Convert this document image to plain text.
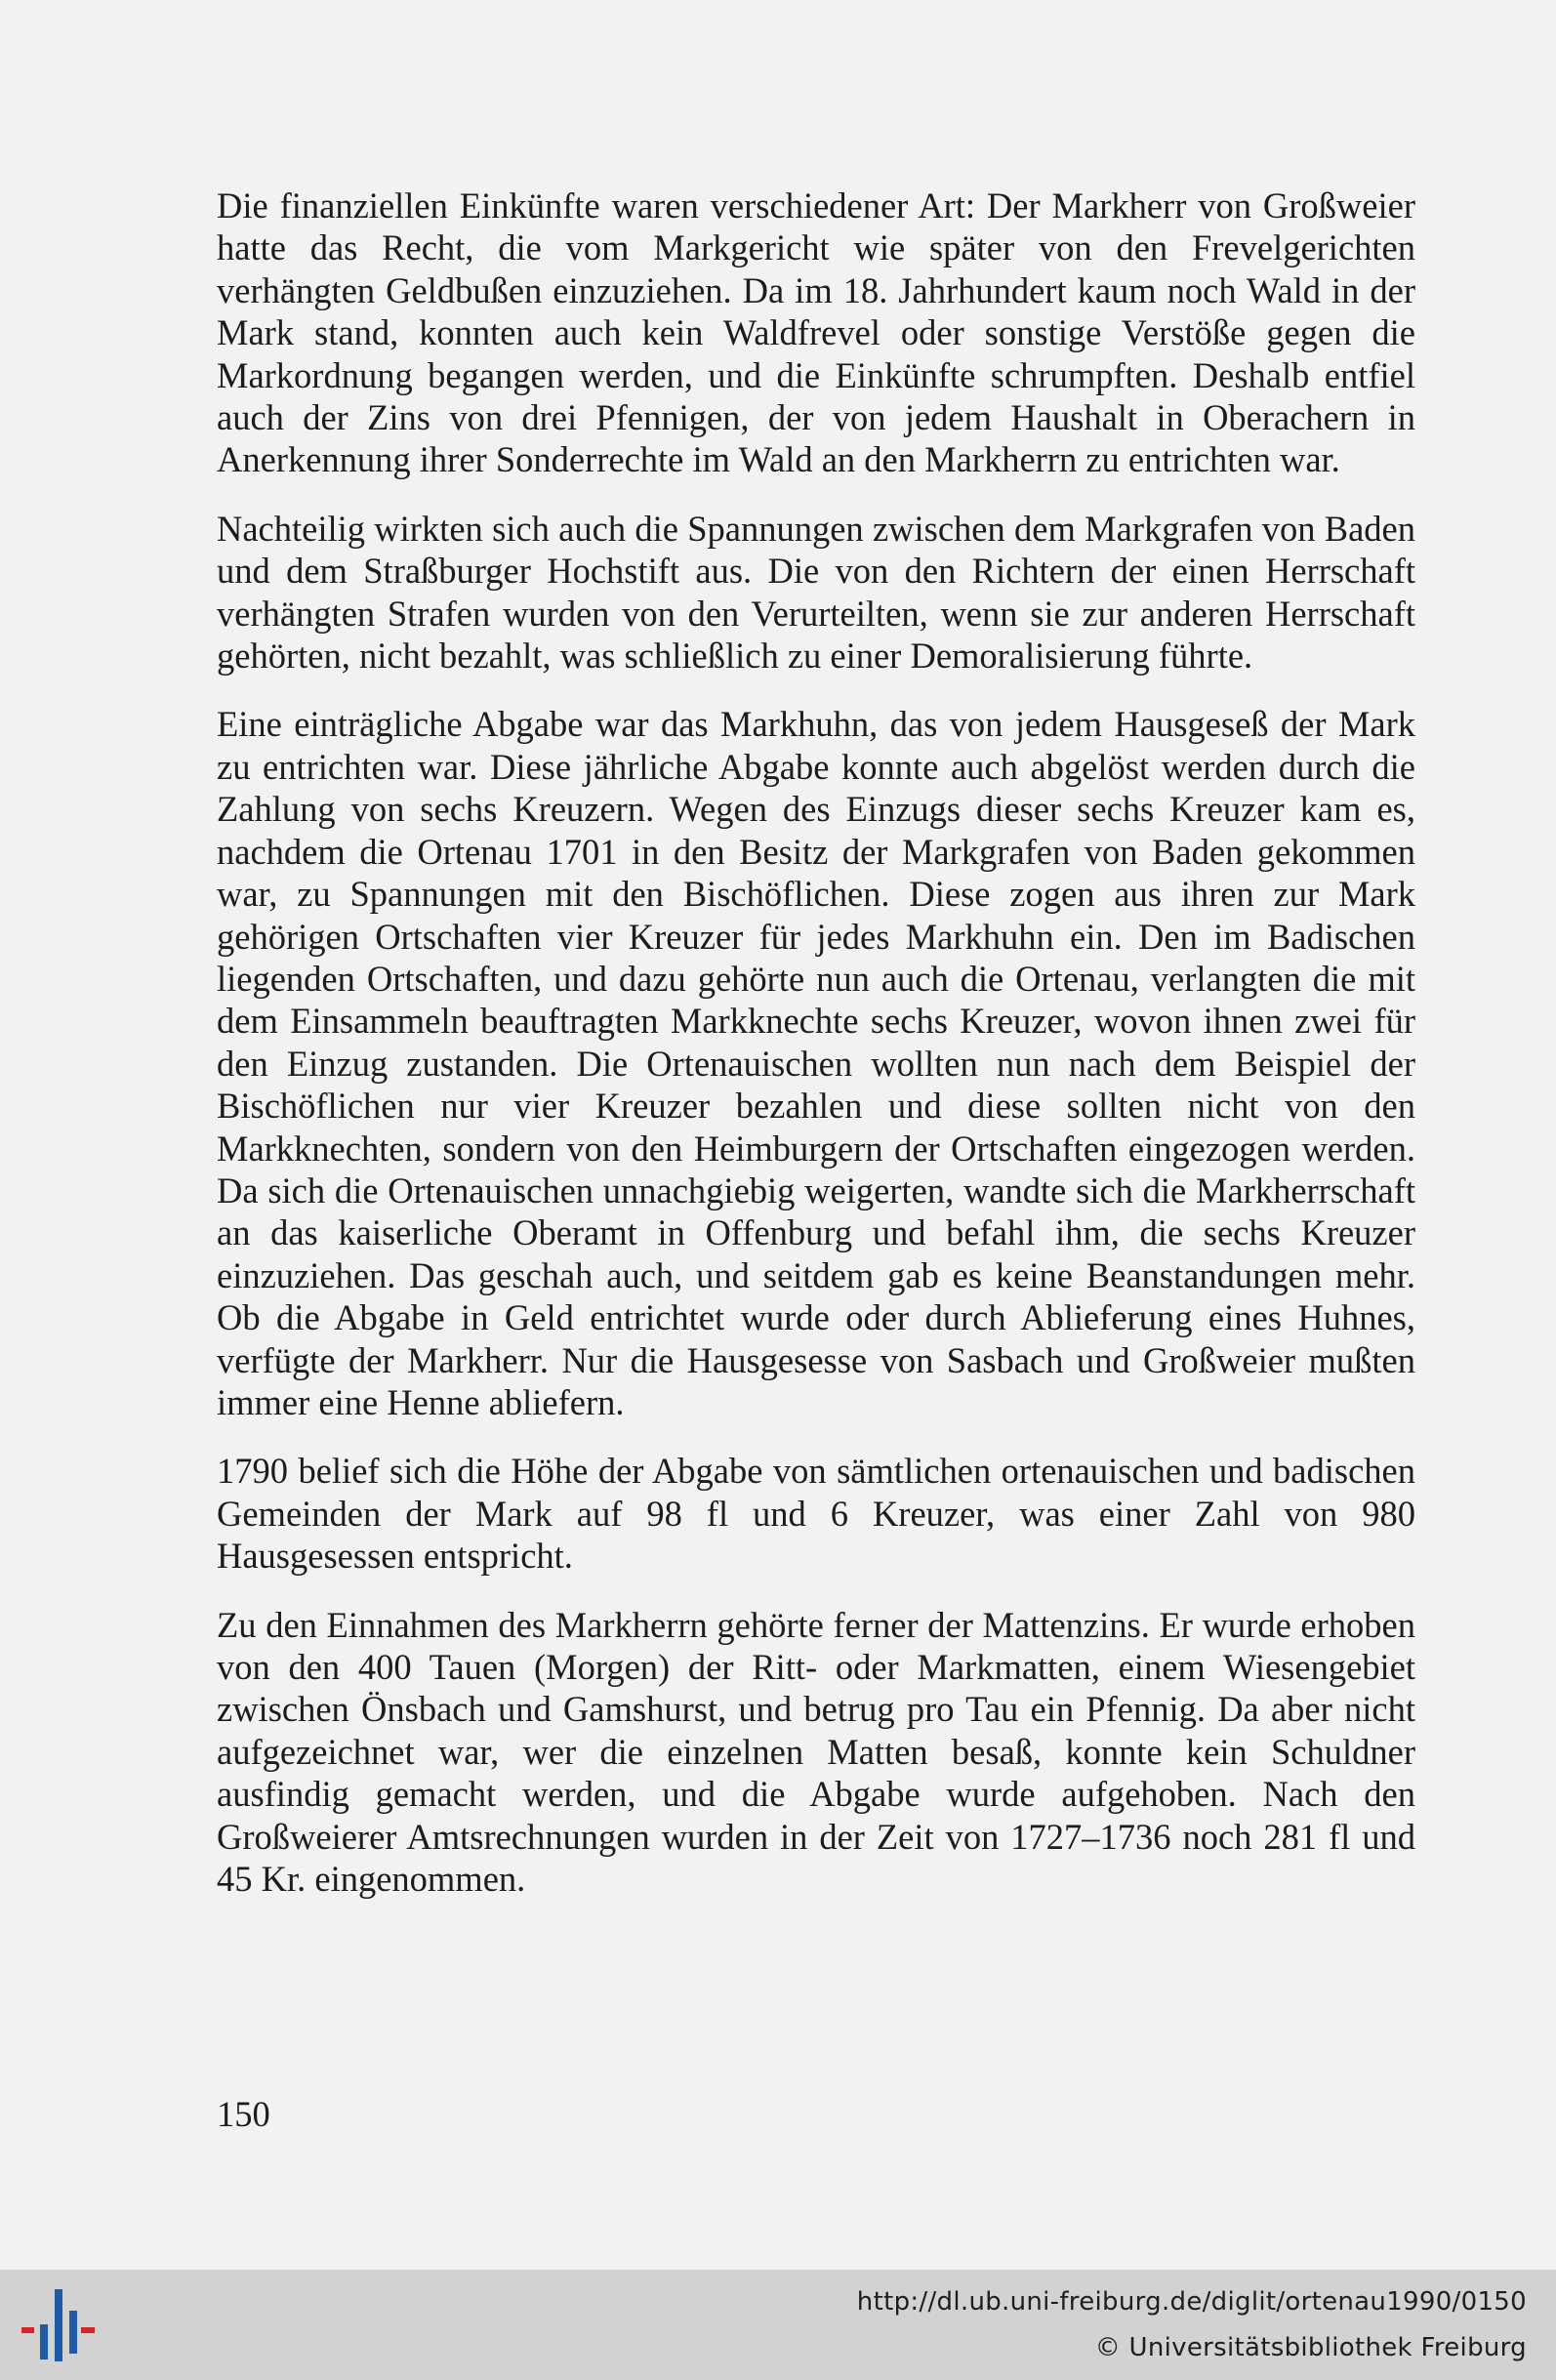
Die finanziellen Einkünfte waren verschiedener Art: Der Markherr von Großweier hatte das Recht, die vom Markgericht wie später von den Frevelgerichten verhängten Geldbußen einzuziehen. Da im 18. Jahrhundert kaum noch Wald in der Mark stand, konnten auch kein Waldfrevel oder sonstige Verstöße gegen die Markordnung begangen werden, und die Einkünfte schrumpften. Deshalb entfiel auch der Zins von drei Pfennigen, der von jedem Haushalt in Oberachern in Anerkennung ihrer Sonderrechte im Wald an den Markherrn zu entrichten war.

Nachteilig wirkten sich auch die Spannungen zwischen dem Markgrafen von Baden und dem Straßburger Hochstift aus. Die von den Richtern der einen Herrschaft verhängten Strafen wurden von den Verurteilten, wenn sie zur anderen Herrschaft gehörten, nicht bezahlt, was schließlich zu einer Demoralisierung führte.

Eine einträgliche Abgabe war das Markhuhn, das von jedem Hausgeseß der Mark zu entrichten war. Diese jährliche Abgabe konnte auch abgelöst werden durch die Zahlung von sechs Kreuzern. Wegen des Einzugs dieser sechs Kreuzer kam es, nachdem die Ortenau 1701 in den Besitz der Markgrafen von Baden gekommen war, zu Spannungen mit den Bischöflichen. Diese zogen aus ihren zur Mark gehörigen Ortschaften vier Kreuzer für jedes Markhuhn ein. Den im Badischen liegenden Ortschaften, und dazu gehörte nun auch die Ortenau, verlangten die mit dem Einsammeln beauftragten Markknechte sechs Kreuzer, wovon ihnen zwei für den Einzug zustanden. Die Ortenauischen wollten nun nach dem Beispiel der Bischöflichen nur vier Kreuzer bezahlen und diese sollten nicht von den Markknechten, sondern von den Heimburgern der Ortschaften eingezogen werden. Da sich die Ortenauischen unnachgiebig weigerten, wandte sich die Markherrschaft an das kaiserliche Oberamt in Offenburg und befahl ihm, die sechs Kreuzer einzuziehen. Das geschah auch, und seitdem gab es keine Beanstandungen mehr. Ob die Abgabe in Geld entrichtet wurde oder durch Ablieferung eines Huhnes, verfügte der Markherr. Nur die Hausgesesse von Sasbach und Großweier mußten immer eine Henne abliefern.

1790 belief sich die Höhe der Abgabe von sämtlichen ortenauischen und badischen Gemeinden der Mark auf 98 fl und 6 Kreuzer, was einer Zahl von 980 Hausgesessen entspricht.

Zu den Einnahmen des Markherrn gehörte ferner der Mattenzins. Er wurde erhoben von den 400 Tauen (Morgen) der Ritt- oder Markmatten, einem Wiesengebiet zwischen Önsbach und Gamshurst, und betrug pro Tau ein Pfennig. Da aber nicht aufgezeichnet war, wer die einzelnen Matten besaß, konnte kein Schuldner ausfindig gemacht werden, und die Abgabe wurde aufgehoben. Nach den Großweierer Amtsrechnungen wurden in der Zeit von 1727–1736 noch 281 fl und 45 Kr. eingenommen.

150
http://dl.ub.uni-freiburg.de/diglit/ortenau1990/0150
© Universitätsbibliothek Freiburg
